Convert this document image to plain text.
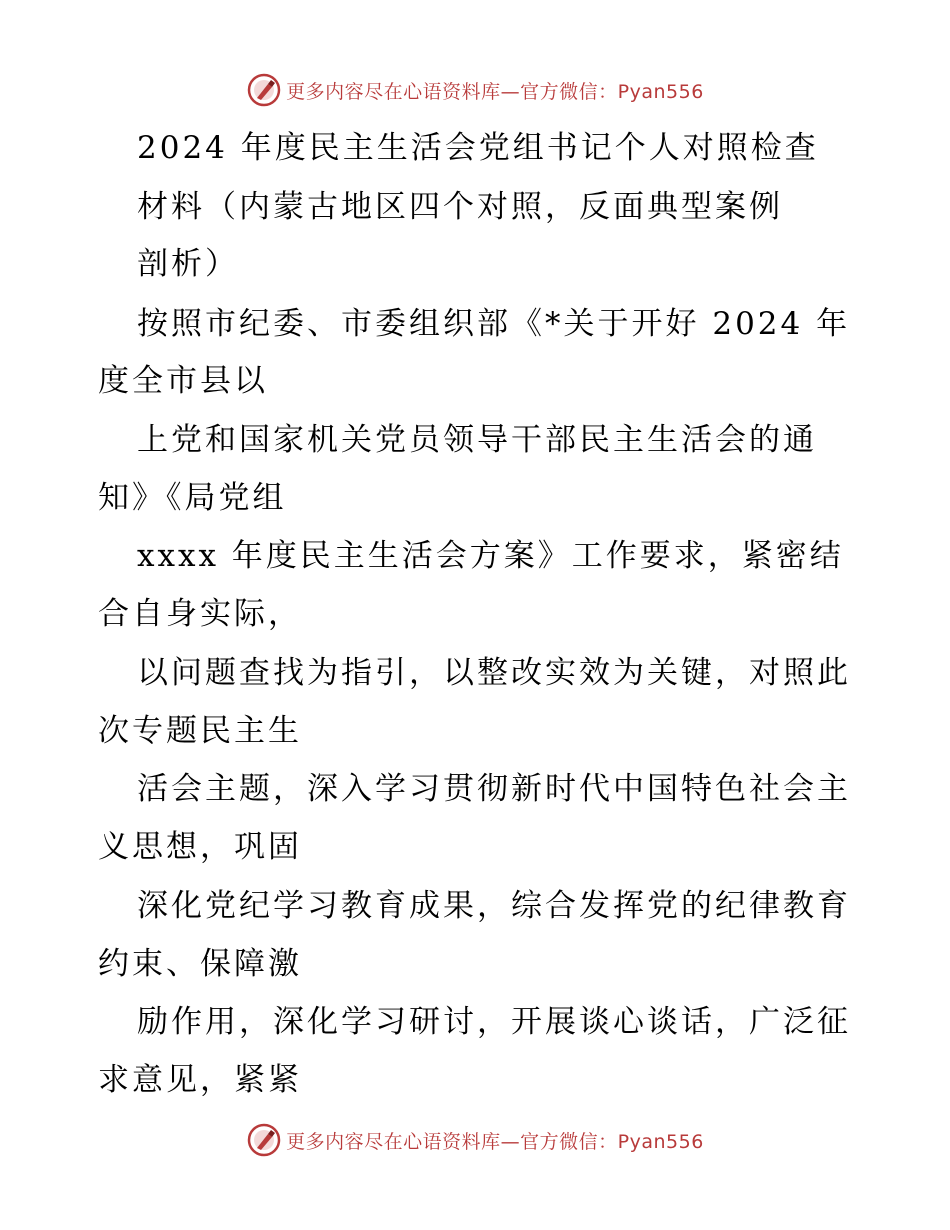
更多内容尽在心语资料库—官方微信：Pyan556
2024 年度民主生活会党组书记个人对照检查
材料（内蒙古地区四个对照，反面典型案例
剖析）
按照市纪委、市委组织部《*关于开好 2024 年
度全市县以
上党和国家机关党员领导干部民主生活会的通
知》《局党组
xxxx 年度民主生活会方案》工作要求，紧密结
合自身实际，
以问题查找为指引，以整改实效为关键，对照此
次专题民主生
活会主题，深入学习贯彻新时代中国特色社会主
义思想，巩固
深化党纪学习教育成果，综合发挥党的纪律教育
约束、保障激
励作用，深化学习研讨，开展谈心谈话，广泛征
求意见，紧紧
更多内容尽在心语资料库—官方微信：Pyan556
